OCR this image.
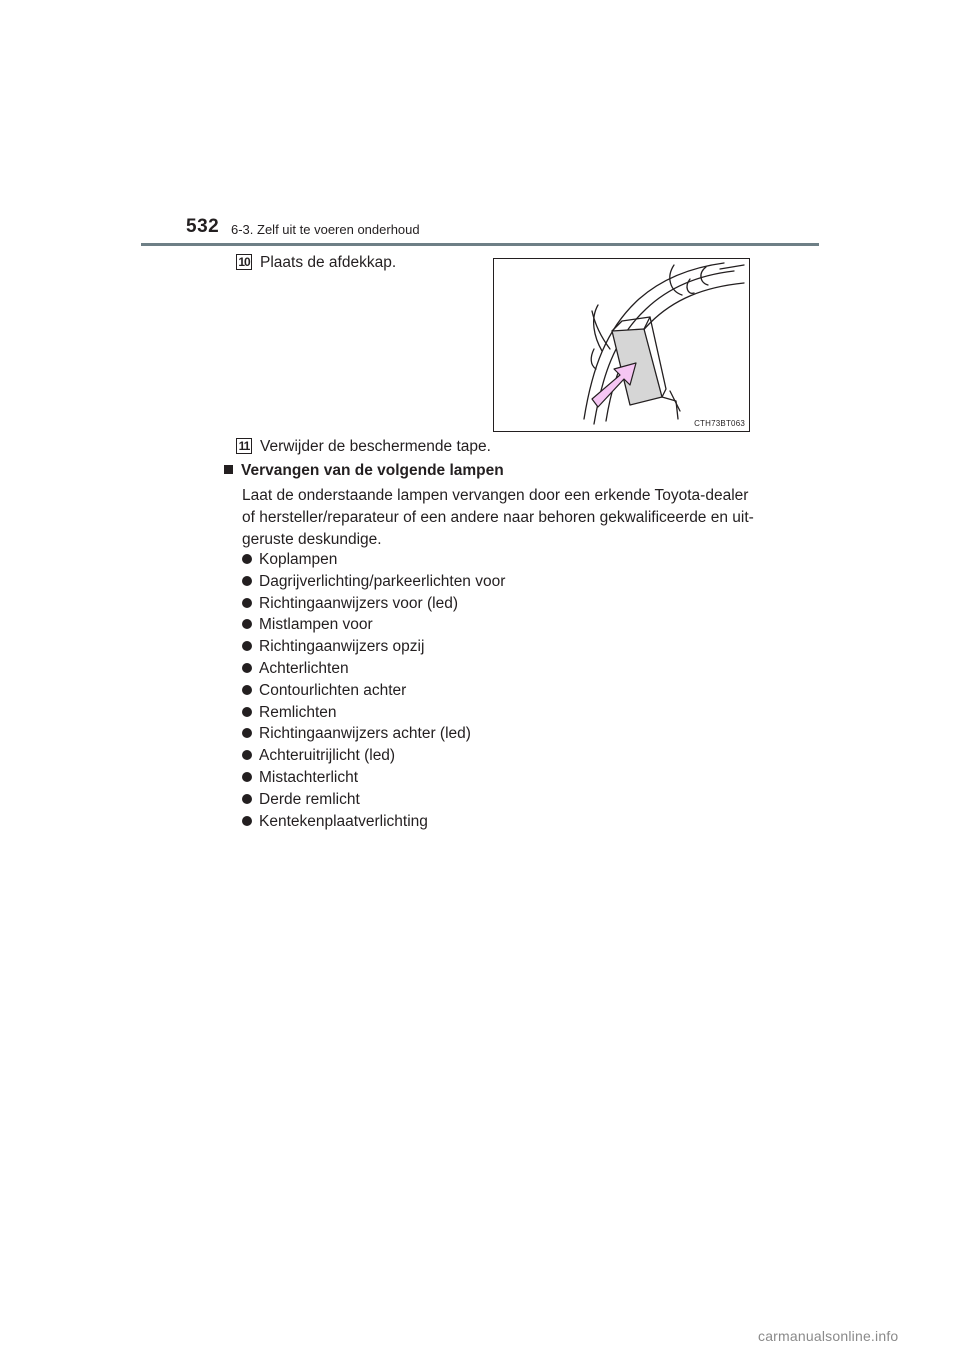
532 6-3. Zelf uit te voeren onderhoud
10 Plaats de afdekkap.
CTH73BT063
11 Verwijder de beschermende tape.
Vervangen van de volgende lampen
Laat de onderstaande lampen vervangen door een erkende Toyota-dealer of hersteller/reparateur of een andere naar behoren gekwalificeerde en uit-geruste deskundige.
Koplampen
Dagrijverlichting/parkeerlichten voor
Richtingaanwijzers voor (led)
Mistlampen voor
Richtingaanwijzers opzij
Achterlichten
Contourlichten achter
Remlichten
Richtingaanwijzers achter (led)
Achteruitrijlicht (led)
Mistachterlicht
Derde remlicht
Kentekenplaatverlichting
carmanualsonline.info
